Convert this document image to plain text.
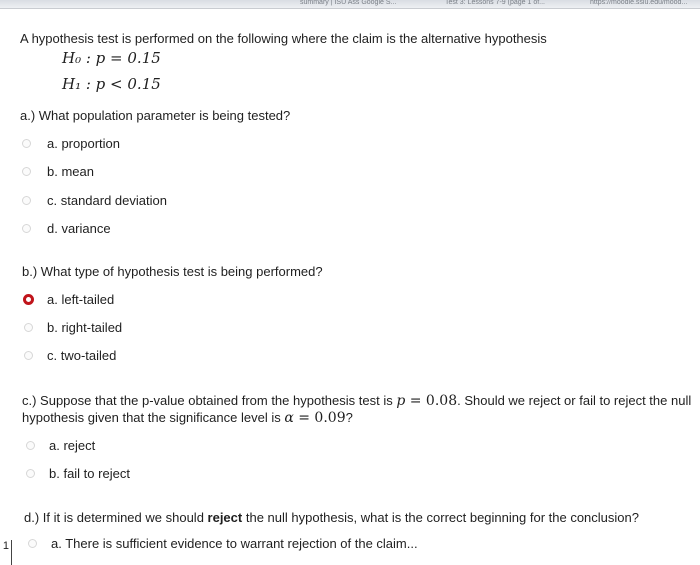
summary | ISU Ass Google S...	Test 3: Lessons 7-9 (page 1 of...	https://moodle.sslu.edu/mood...
A hypothesis test is performed on the following where the claim is the alternative hypothesis
H₀ : p = 0.15
H₁ : p < 0.15
a.) What population parameter is being tested?
a. proportion
b. mean
c. standard deviation
d. variance
b.) What type of hypothesis test is being performed?
a. left-tailed
b. right-tailed
c. two-tailed
c.) Suppose that the p-value obtained from the hypothesis test is p = 0.08. Should we reject or fail to reject the null
hypothesis given that the significance level is α = 0.09?
a. reject
b. fail to reject
d.) If it is determined we should reject the null hypothesis, what is the correct beginning for the conclusion?
a. There is sufficient evidence to warrant rejection of the claim...
1
